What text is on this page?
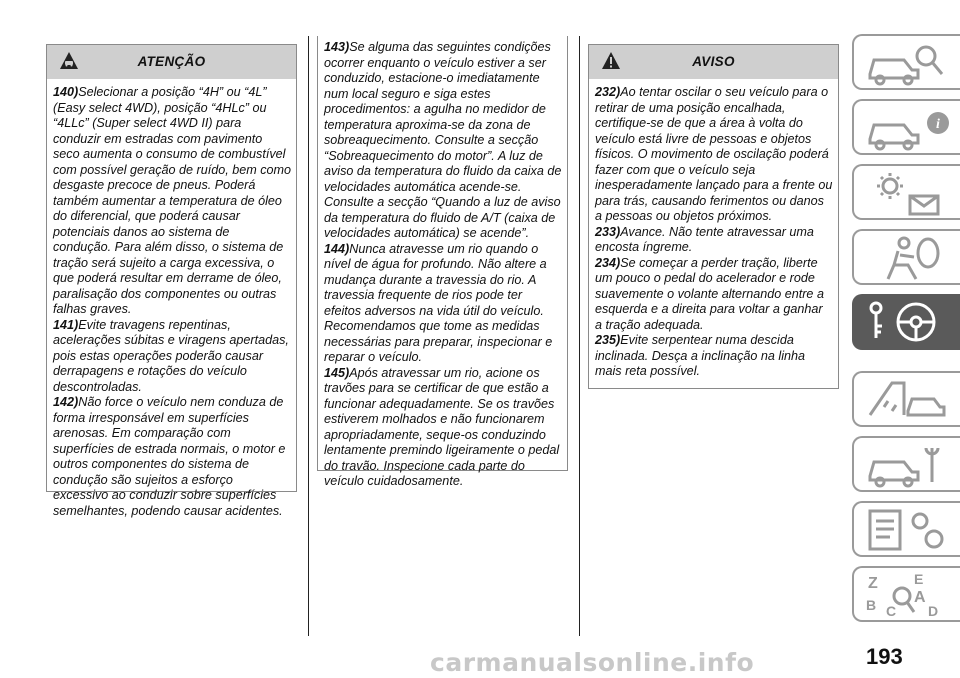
ATENÇÃO

140)Selecionar a posição “4H” ou “4L” (Easy select 4WD), posição “4HLc” ou “4LLc” (Super select 4WD II) para conduzir em estradas com pavimento seco aumenta o consumo de combustível com possível geração de ruído, bem como desgaste precoce de pneus. Poderá também aumentar a temperatura de óleo do diferencial, que poderá causar potenciais danos ao sistema de condução. Para além disso, o sistema de tração será sujeito a carga excessiva, o que poderá resultar em derrame de óleo, paralisação dos componentes ou outras falhas graves.

141)Evite travagens repentinas, acelerações súbitas e viragens apertadas, pois estas operações poderão causar derrapagens e rotações do veículo descontroladas.

142)Não force o veículo nem conduza de forma irresponsável em superfícies arenosas. Em comparação com superfícies de estrada normais, o motor e outros componentes do sistema de condução são sujeitos a esforço excessivo ao conduzir sobre superfícies semelhantes, podendo causar acidentes.

143)Se alguma das seguintes condições ocorrer enquanto o veículo estiver a ser conduzido, estacione-o imediatamente num local seguro e siga estes procedimentos: a agulha no medidor de temperatura aproxima-se da zona de sobreaquecimento. Consulte a secção “Sobreaquecimento do motor”. A luz de aviso da temperatura do fluido da caixa de velocidades automática acende-se. Consulte a secção “Quando a luz de aviso da temperatura do fluido de A/T (caixa de velocidades automática) se acende”.

144)Nunca atravesse um rio quando o nível de água for profundo. Não altere a mudança durante a travessia do rio. A travessia frequente de rios pode ter efeitos adversos na vida útil do veículo. Recomendamos que tome as medidas necessárias para preparar, inspecionar e reparar o veículo.

145)Após atravessar um rio, acione os travões para se certificar de que estão a funcionar adequadamente. Se os travões estiverem molhados e não funcionarem apropriadamente, seque-os conduzindo lentamente premindo ligeiramente o pedal do travão. Inspecione cada parte do veículo cuidadosamente.

AVISO

232)Ao tentar oscilar o seu veículo para o retirar de uma posição encalhada, certifique-se de que a área à volta do veículo está livre de pessoas e objetos físicos. O movimento de oscilação poderá fazer com que o veículo seja inesperadamente lançado para a frente ou para trás, causando ferimentos ou danos a pessoas ou objetos próximos.

233)Avance. Não tente atravessar uma encosta íngreme.

234)Se começar a perder tração, liberte um pouco o pedal do acelerador e rode suavemente o volante alternando entre a esquerda e a direita para voltar a ganhar a tração adequada.

235)Evite serpentear numa descida inclinada. Desça a inclinação na linha mais reta possível.

i
Z	E
B A
C D
carmanualsonline.info	193
